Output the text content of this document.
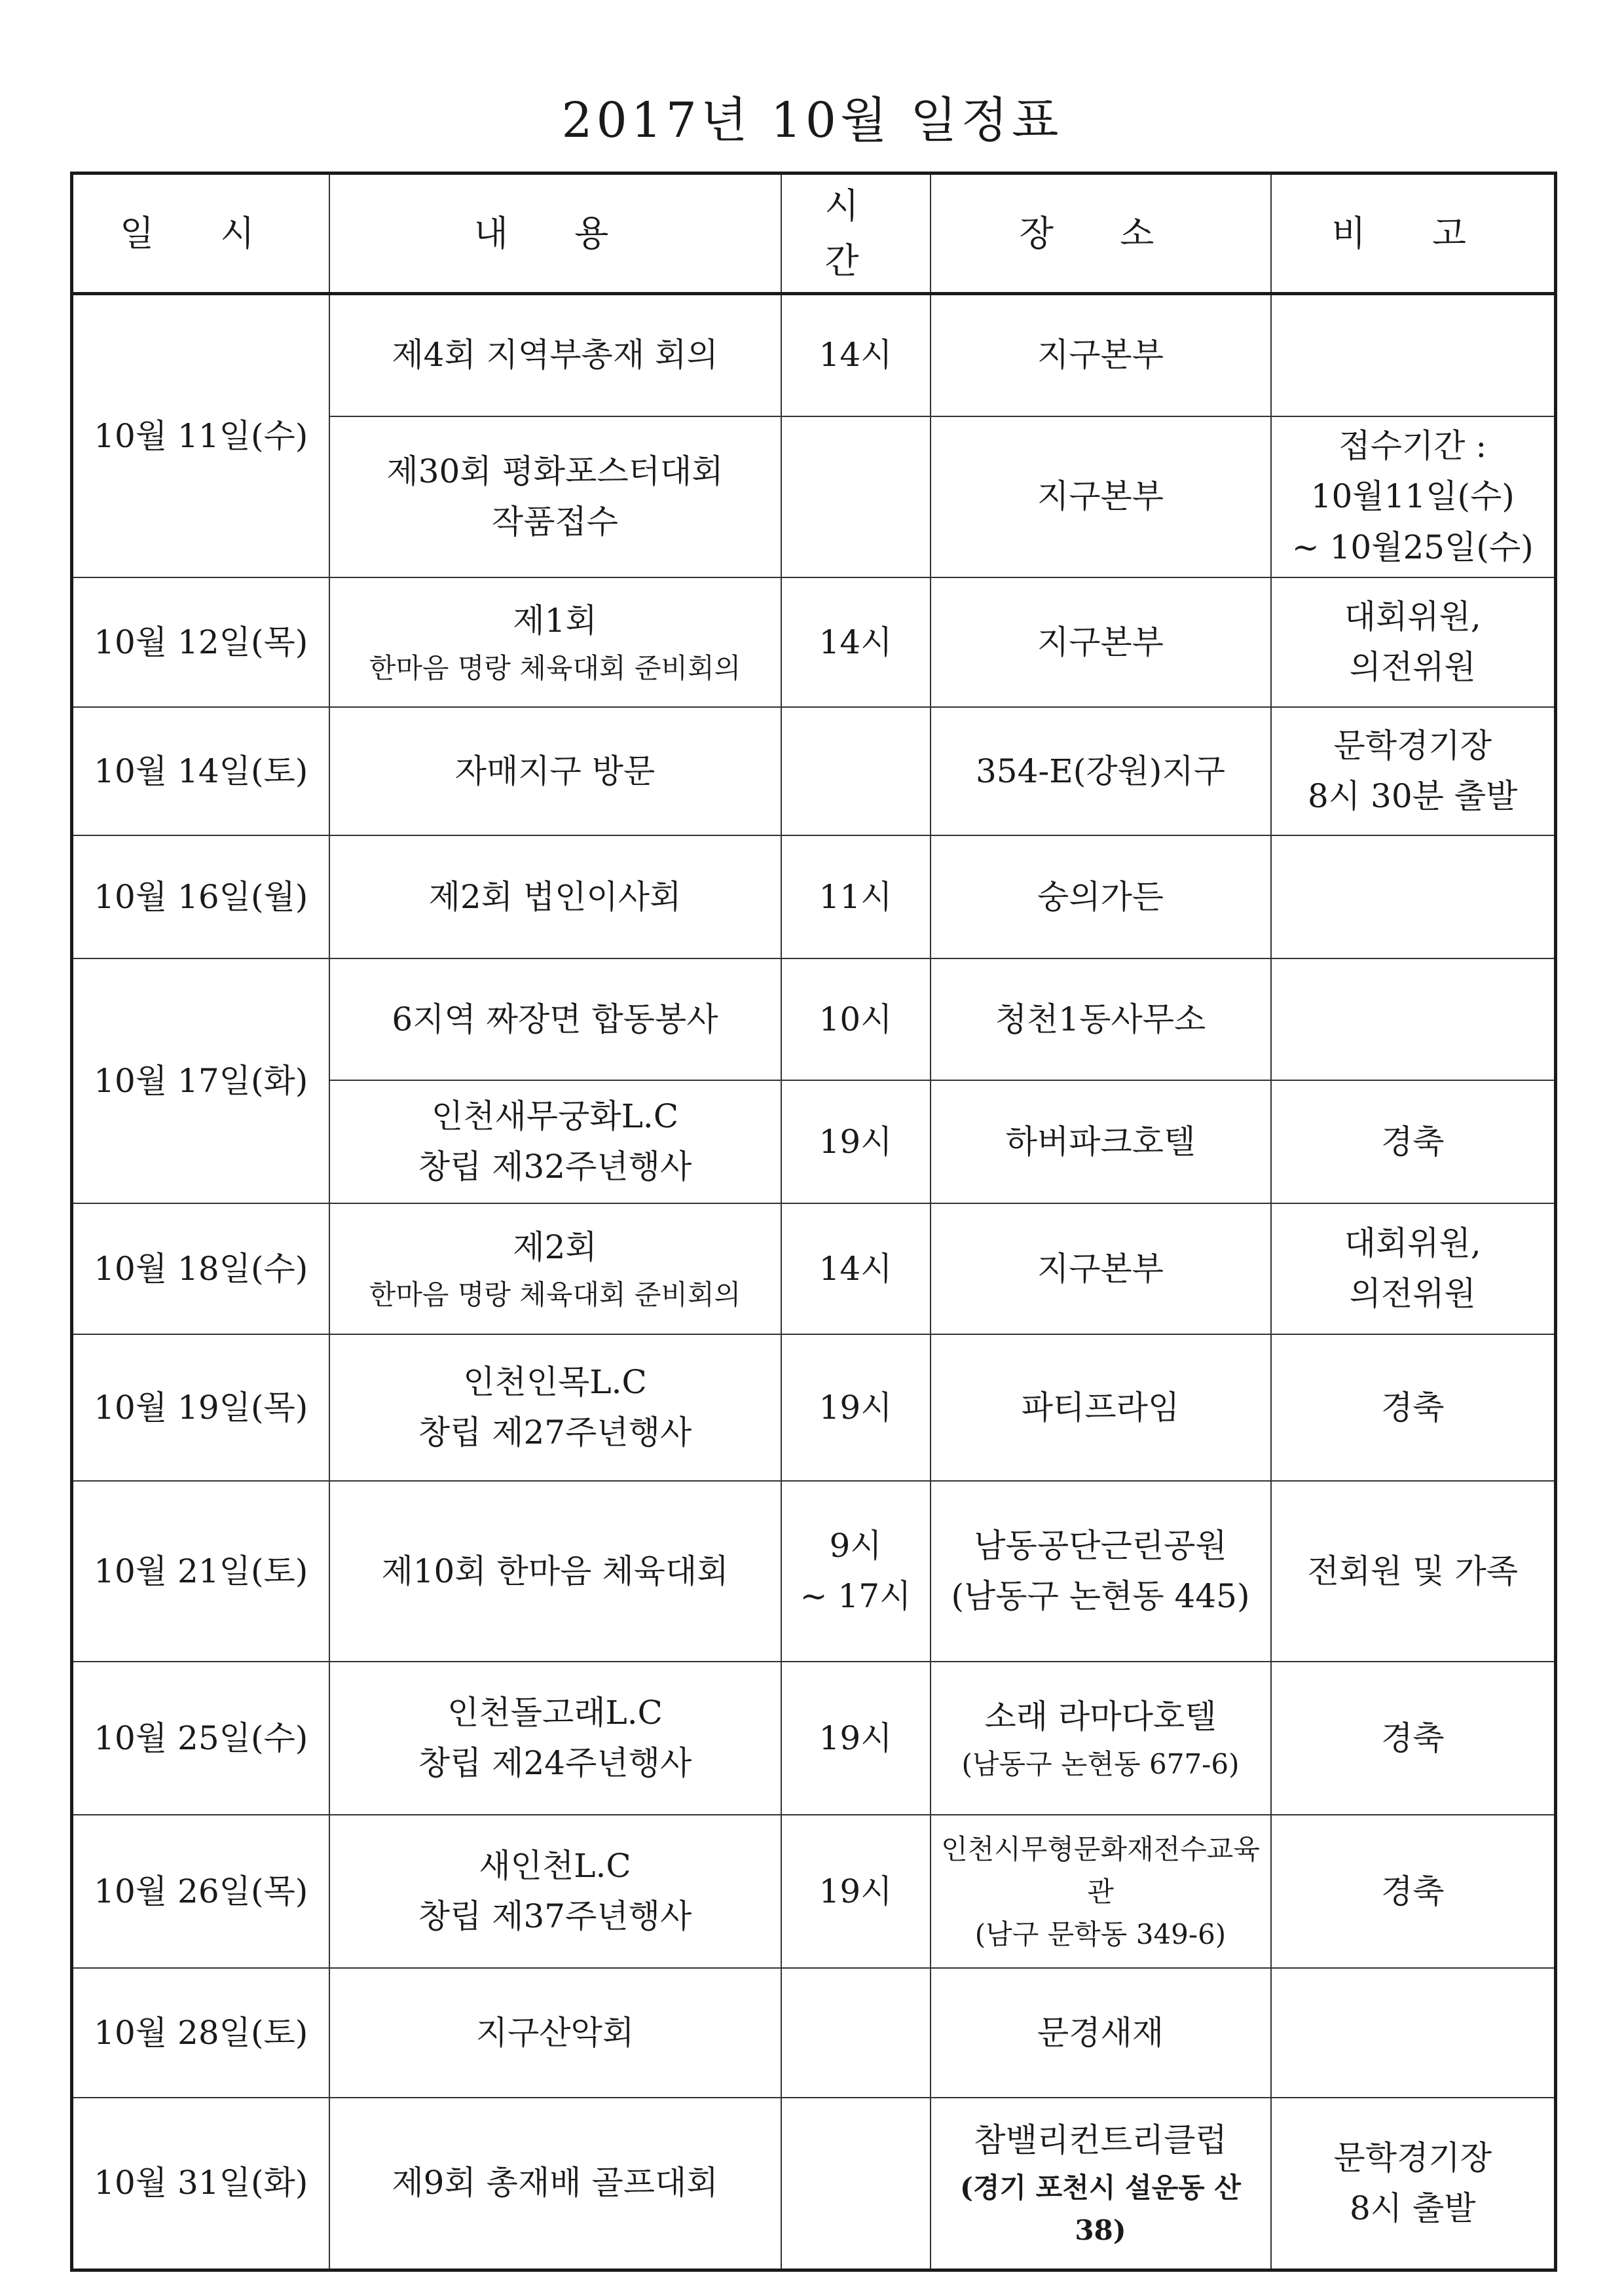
2017년 10월 일정표
일 시	내 용	시 간	장 소	비 고
10월 11일(수)	제4회 지역부총재 회의	14시	지구본부	
	제30회 평화포스터대회
작품접수		지구본부	접수기간 :
10월11일(수)
~ 10월25일(수)

10월 12일(목)	제1회
한마음 명랑 체육대회 준비회의	14시	지구본부	대회위원,
의전위원
10월 14일(토)	자매지구 방문		354-E(강원)지구	문학경기장
8시 30분 출발

10월 16일(월)	제2회 법인이사회	11시	숭의가든	
10월 17일(화)	6지역 짜장면 합동봉사	10시	청천1동사무소	
	인천새무궁화L.C
창립 제32주년행사	19시	하버파크호텔	경축
10월 18일(수)	제2회
한마음 명랑 체육대회 준비회의	14시	지구본부	대회위원,
의전위원
10월 19일(목)	인천인목L.C
창립 제27주년행사	19시	파티프라임	경축
10월 21일(토)	제10회 한마음 체육대회	9시
~ 17시	남동공단근린공원
(남동구 논현동 445)	전회원 및 가족
10월 25일(수)	인천돌고래L.C
창립 제24주년행사	19시	소래 라마다호텔
(남동구 논현동 677-6)	경축
10월 26일(목)	새인천L.C
창립 제37주년행사	19시	인천시무형문화재전수교육관
(남구 문학동 349-6)	경축
10월 28일(토)	지구산악회		문경새재	
10월 31일(화)	제9회 총재배 골프대회		참밸리컨트리클럽
(경기 포천시 설운동 산 38)	문학경기장
8시 출발
